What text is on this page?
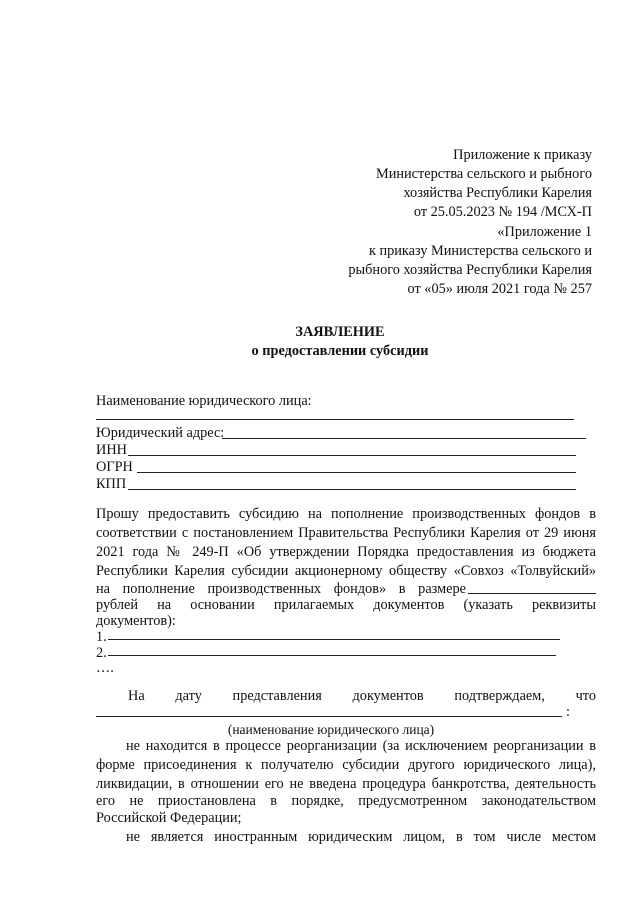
Приложение к приказу
Министерства сельского и рыбного
хозяйства Республики Карелия
от 25.05.2023 № 194 /МСХ-П
«Приложение 1
к приказу Министерства сельского и
рыбного хозяйства Республики Карелия
от «05» июля 2021 года № 257
ЗАЯВЛЕНИЕ
о предоставлении субсидии
Наименование юридического лица:
Юридический адрес:
ИНН
ОГРН
КПП
Прошу предоставить субсидию на пополнение производственных фондов в
соответствии с постановлением Правительства Республики Карелия от 29 июня
2021 года № 249-П «Об утверждении Порядка предоставления из бюджета
Республики Карелия субсидии акционерному обществу «Совхоз «Толвуйский»
на пополнение производственных фондов» в размере
рублей на основании прилагаемых документов (указать реквизиты
документов):
1.
2.
….
На дату представления документов подтверждаем, что
:
(наименование юридического лица)
не находится в процессе реорганизации (за исключением реорганизации в
форме присоединения к получателю субсидии другого юридического лица),
ликвидации, в отношении его не введена процедура банкротства, деятельность
его не приостановлена в порядке, предусмотренном законодательством
Российской Федерации;
не является иностранным юридическим лицом, в том числе местом
